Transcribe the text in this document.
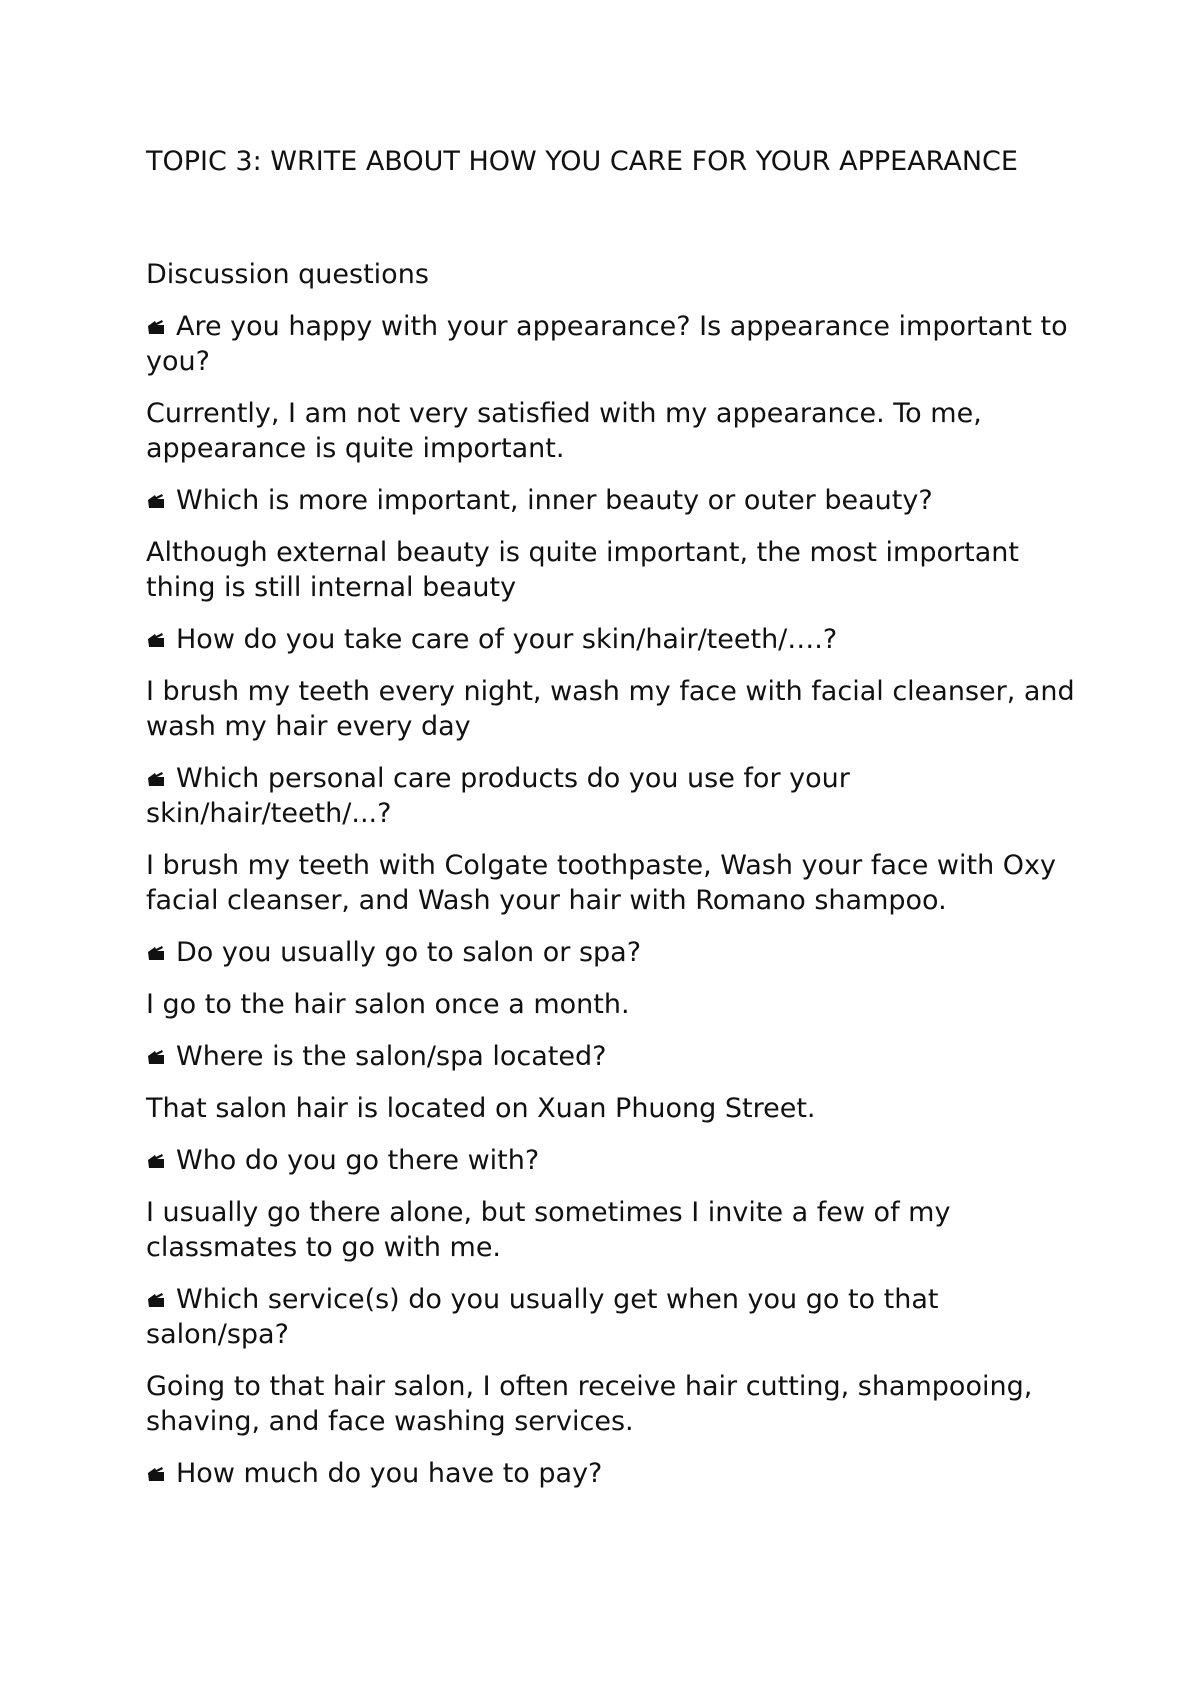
TOPIC 3: WRITE ABOUT HOW YOU CARE FOR YOUR APPEARANCE

Discussion questions

Are you happy with your appearance? Is appearance important to you?

Currently, I am not very satisfied with my appearance. To me, appearance is quite important.

Which is more important, inner beauty or outer beauty?

Although external beauty is quite important, the most important thing is still internal beauty

How do you take care of your skin/hair/teeth/….?

I brush my teeth every night, wash my face with facial cleanser, and wash my hair every day

Which personal care products do you use for your skin/hair/teeth/...?

I brush my teeth with Colgate toothpaste, Wash your face with Oxy facial cleanser, and Wash your hair with Romano shampoo.

Do you usually go to salon or spa?

I go to the hair salon once a month.

Where is the salon/spa located?

That salon hair is located on Xuan Phuong Street.

Who do you go there with?

I usually go there alone, but sometimes I invite a few of my classmates to go with me.

Which service(s) do you usually get when you go to that salon/spa?

Going to that hair salon, I often receive hair cutting, shampooing, shaving, and face washing services.

How much do you have to pay?
